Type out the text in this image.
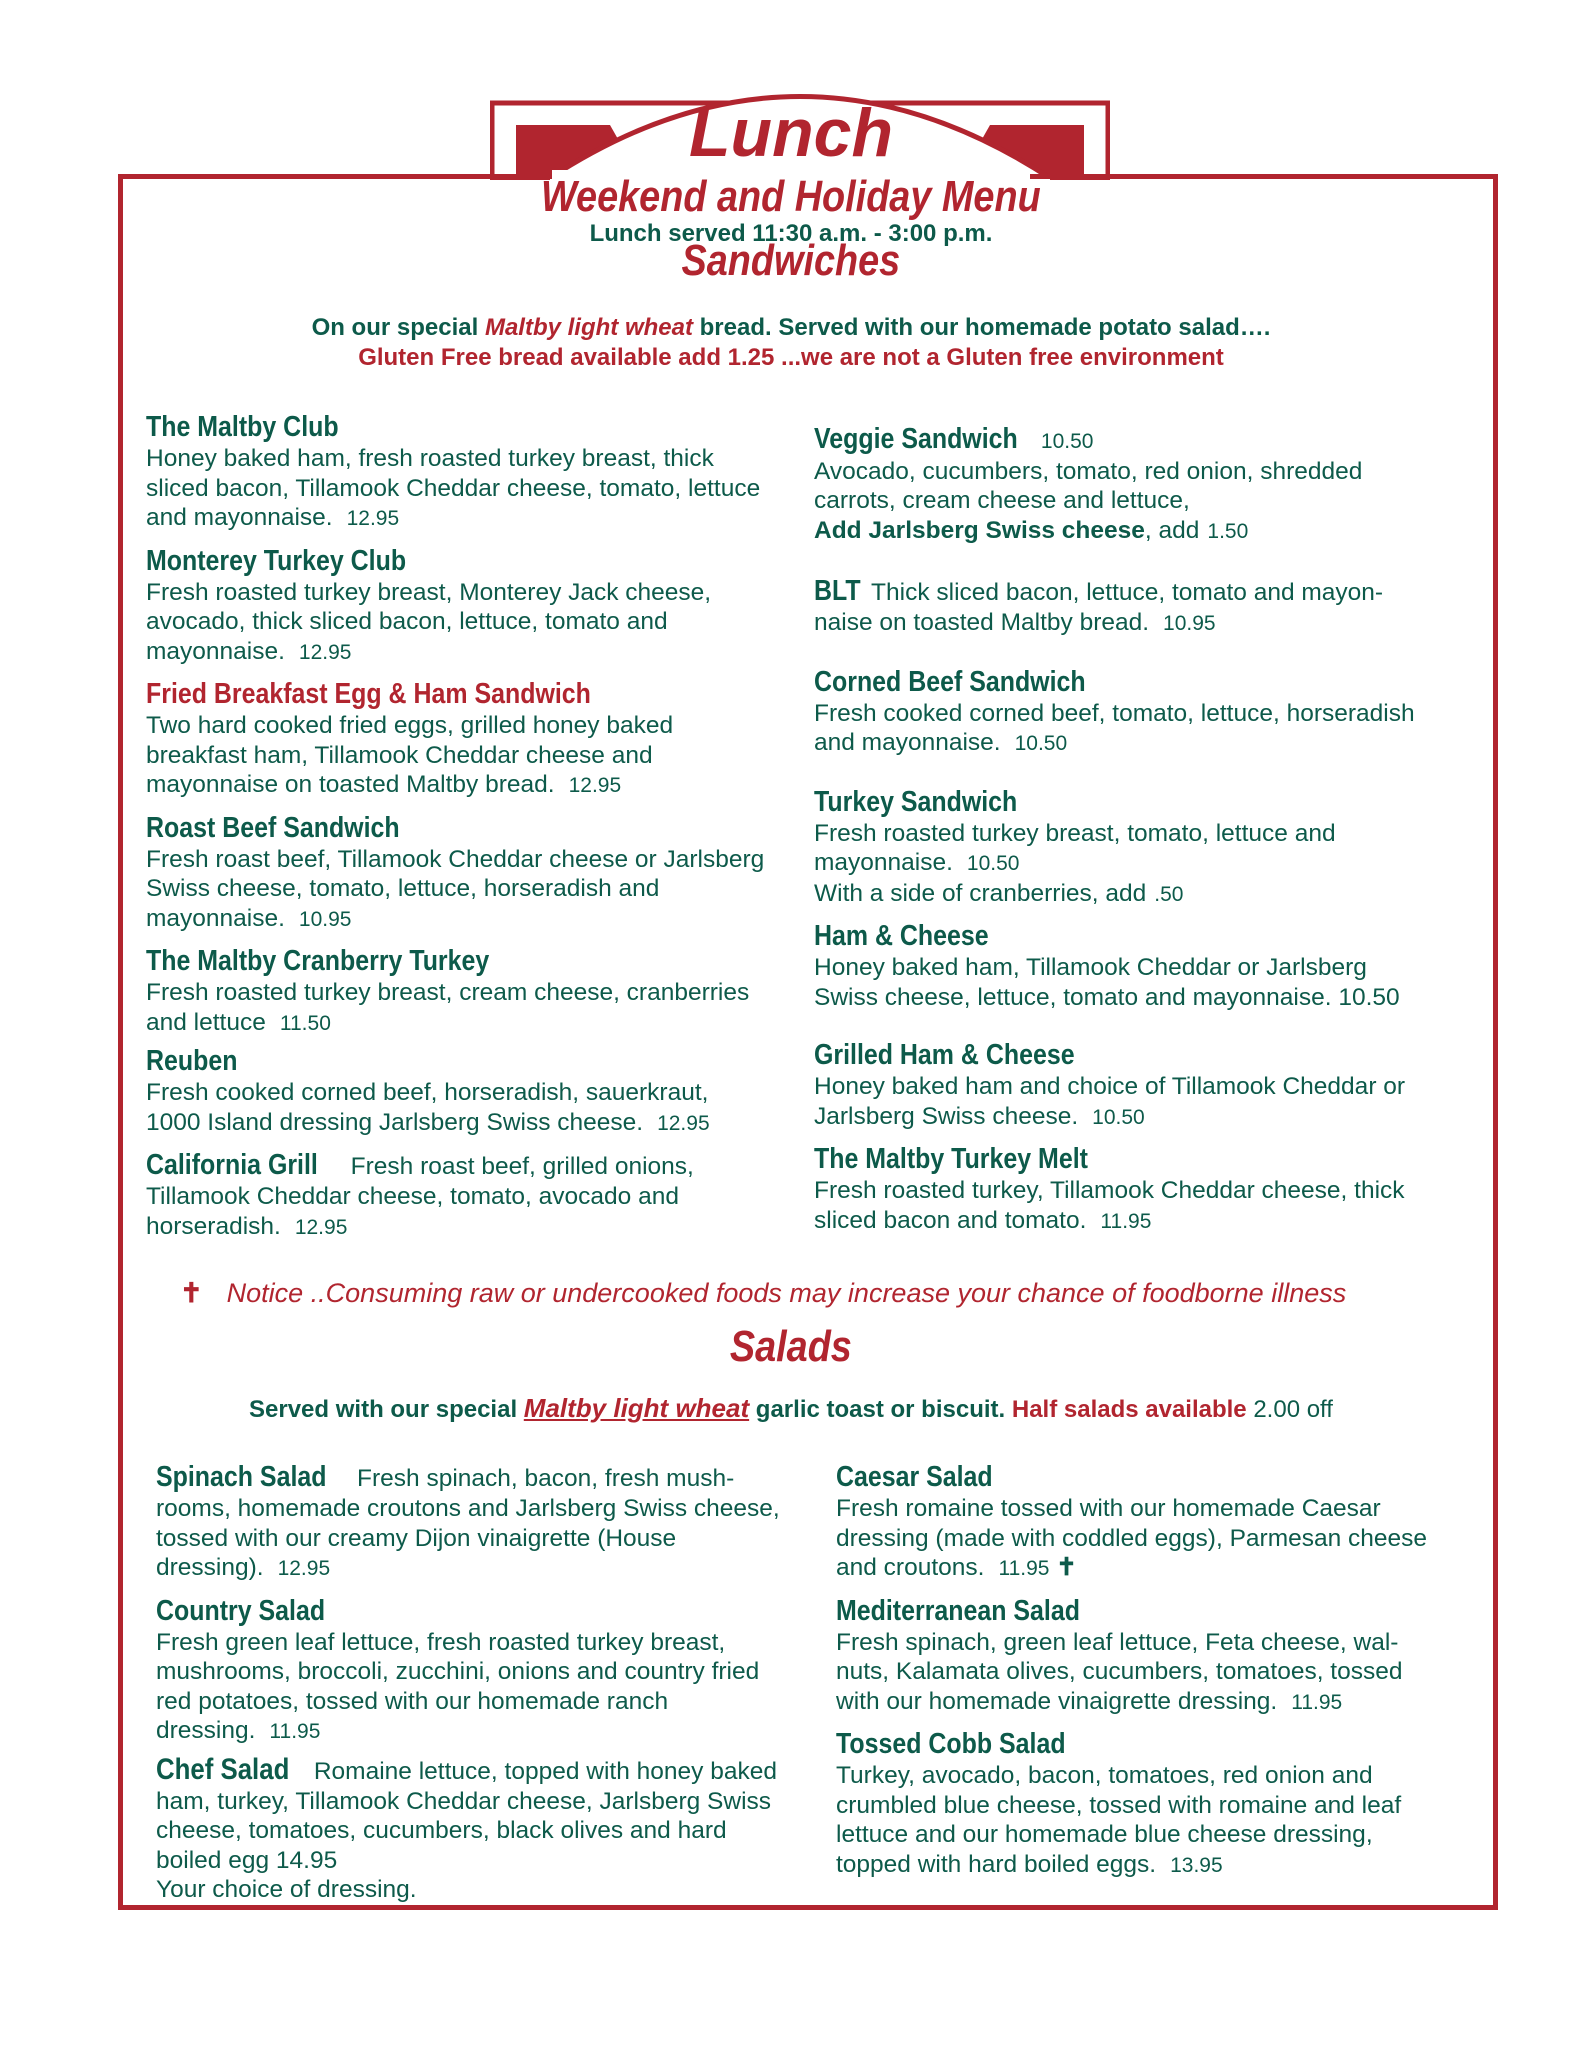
Lunch
Weekend and Holiday Menu
Lunch served 11:30 a.m. - 3:00 p.m.
Sandwiches
On our special Maltby light wheat bread. Served with our homemade potato salad….
Gluten Free bread available add 1.25 ...we are not a Gluten free environment

The Maltby Club
Honey baked ham, fresh roasted turkey breast, thick sliced bacon, Tillamook Cheddar cheese, tomato, lettuce and mayonnaise. 12.95

Monterey Turkey Club
Fresh roasted turkey breast, Monterey Jack cheese, avocado, thick sliced bacon, lettuce, tomato and mayonnaise. 12.95

Fried Breakfast Egg & Ham Sandwich
Two hard cooked fried eggs, grilled honey baked breakfast ham, Tillamook Cheddar cheese and mayonnaise on toasted Maltby bread. 12.95

Roast Beef Sandwich
Fresh roast beef, Tillamook Cheddar cheese or Jarlsberg Swiss cheese, tomato, lettuce, horseradish and mayonnaise. 10.95

The Maltby Cranberry Turkey
Fresh roasted turkey breast, cream cheese, cranberries and lettuce 11.50

Reuben
Fresh cooked corned beef, horseradish, sauerkraut, 1000 Island dressing Jarlsberg Swiss cheese. 12.95

California Grill Fresh roast beef, grilled onions, Tillamook Cheddar cheese, tomato, avocado and horseradish. 12.95

Veggie Sandwich 10.50
Avocado, cucumbers, tomato, red onion, shredded carrots, cream cheese and lettuce,
Add Jarlsberg Swiss cheese, add 1.50

BLT Thick sliced bacon, lettuce, tomato and mayon-naise on toasted Maltby bread. 10.95

Corned Beef Sandwich
Fresh cooked corned beef, tomato, lettuce, horseradish and mayonnaise. 10.50

Turkey Sandwich
Fresh roasted turkey breast, tomato, lettuce and mayonnaise. 10.50
With a side of cranberries, add .50

Ham & Cheese
Honey baked ham, Tillamook Cheddar or Jarlsberg Swiss cheese, lettuce, tomato and mayonnaise. 10.50

Grilled Ham & Cheese
Honey baked ham and choice of Tillamook Cheddar or Jarlsberg Swiss cheese. 10.50

The Maltby Turkey Melt
Fresh roasted turkey, Tillamook Cheddar cheese, thick sliced bacon and tomato. 11.95

✝ Notice ..Consuming raw or undercooked foods may increase your chance of foodborne illness
Salads
Served with our special Maltby light wheat garlic toast or biscuit. Half salads available 2.00 off

Spinach Salad Fresh spinach, bacon, fresh mush-rooms, homemade croutons and Jarlsberg Swiss cheese, tossed with our creamy Dijon vinaigrette (House dressing). 12.95

Country Salad
Fresh green leaf lettuce, fresh roasted turkey breast, mushrooms, broccoli, zucchini, onions and country fried red potatoes, tossed with our homemade ranch dressing. 11.95

Chef Salad Romaine lettuce, topped with honey baked ham, turkey, Tillamook Cheddar cheese, Jarlsberg Swiss cheese, tomatoes, cucumbers, black olives and hard boiled egg 14.95
Your choice of dressing.

Caesar Salad
Fresh romaine tossed with our homemade Caesar dressing (made with coddled eggs), Parmesan cheese and croutons. 11.95 ✝

Mediterranean Salad
Fresh spinach, green leaf lettuce, Feta cheese, wal-nuts, Kalamata olives, cucumbers, tomatoes, tossed with our homemade vinaigrette dressing. 11.95

Tossed Cobb Salad
Turkey, avocado, bacon, tomatoes, red onion and crumbled blue cheese, tossed with romaine and leaf lettuce and our homemade blue cheese dressing, topped with hard boiled eggs. 13.95
